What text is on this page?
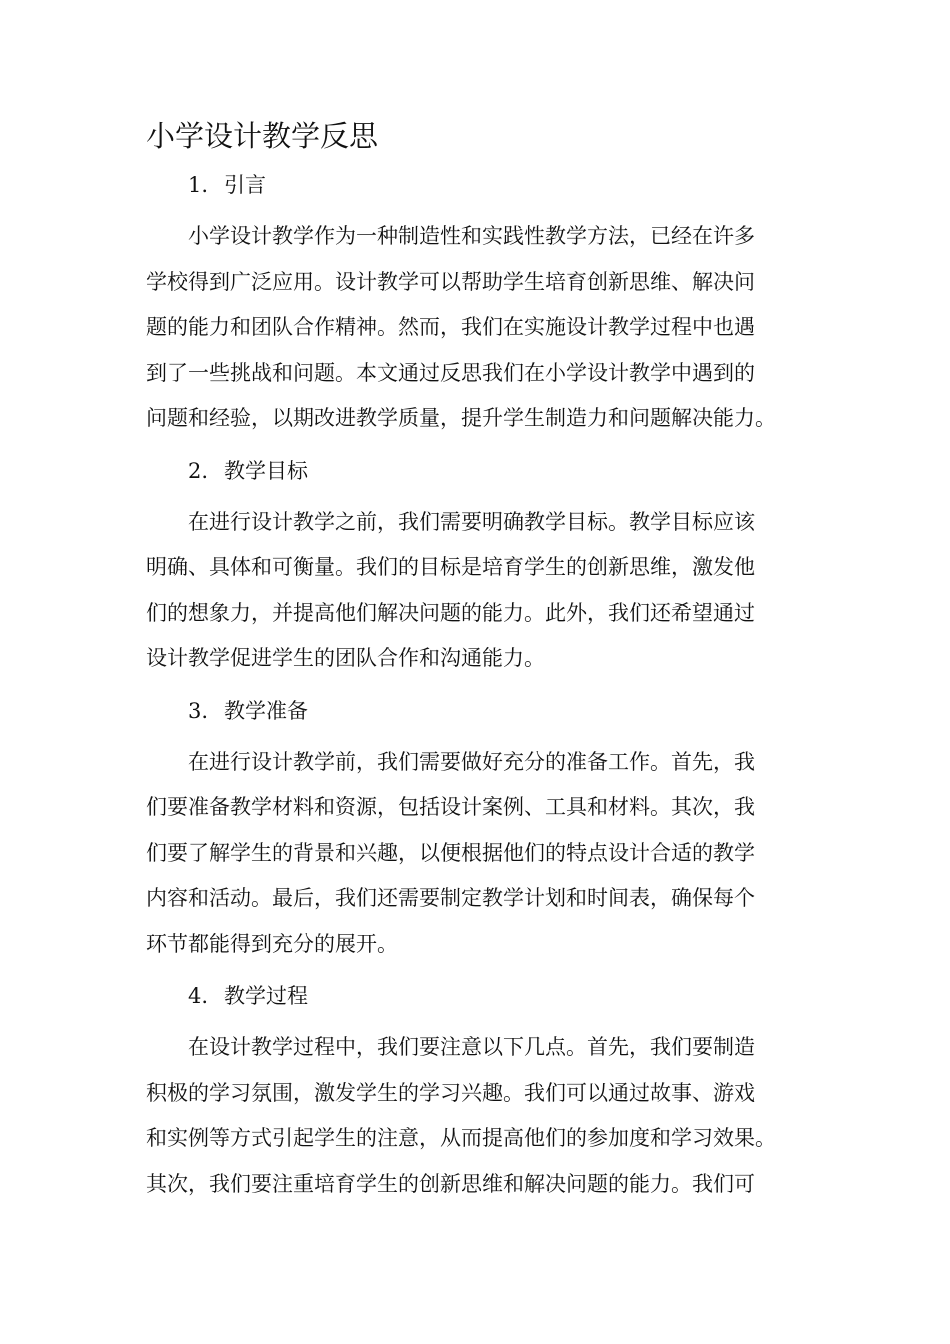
小学设计教学反思
1. 引言

小学设计教学作为一种制造性和实践性教学方法，已经在许多
学校得到广泛应用。设计教学可以帮助学生培育创新思维、解决问
题的能力和团队合作精神。然而，我们在实施设计教学过程中也遇
到了一些挑战和问题。本文通过反思我们在小学设计教学中遇到的
问题和经验，以期改进教学质量，提升学生制造力和问题解决能力。

2. 教学目标

在进行设计教学之前，我们需要明确教学目标。教学目标应该
明确、具体和可衡量。我们的目标是培育学生的创新思维，激发他
们的想象力，并提高他们解决问题的能力。此外，我们还希望通过
设计教学促进学生的团队合作和沟通能力。

3. 教学准备

在进行设计教学前，我们需要做好充分的准备工作。首先，我
们要准备教学材料和资源，包括设计案例、工具和材料。其次，我
们要了解学生的背景和兴趣，以便根据他们的特点设计合适的教学
内容和活动。最后，我们还需要制定教学计划和时间表，确保每个
环节都能得到充分的展开。

4. 教学过程

在设计教学过程中，我们要注意以下几点。首先，我们要制造
积极的学习氛围，激发学生的学习兴趣。我们可以通过故事、游戏
和实例等方式引起学生的注意，从而提高他们的参加度和学习效果。
其次，我们要注重培育学生的创新思维和解决问题的能力。我们可
